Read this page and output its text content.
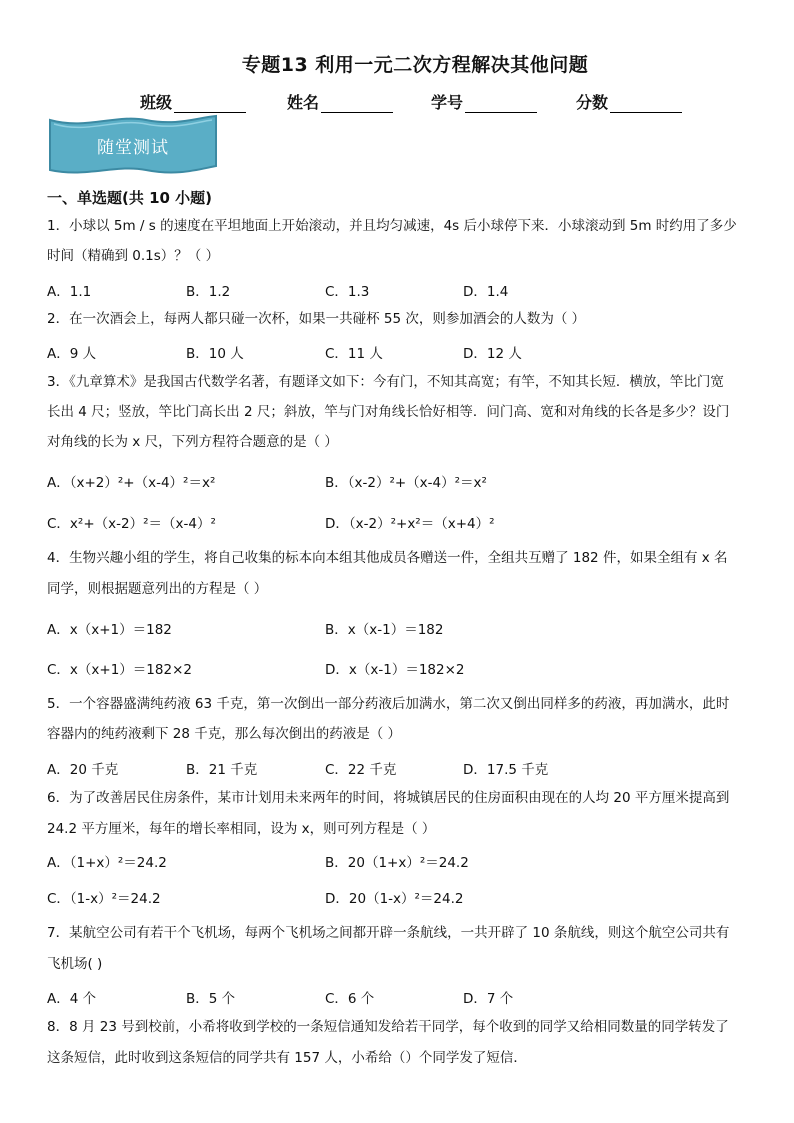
专题13 利用一元二次方程解决其他问题
班级	姓名	学号	分数
随堂测试
一、单选题(共 10 小题)
1．小球以 5m / s 的速度在平坦地面上开始滚动，并且均匀减速，4s 后小球停下来．小球滚动到 5m 时约用了多少
时间（精确到 0.1s）？（ ）
A．1.1	B．1.2	C．1.3	D．1.4
2．在一次酒会上，每两人都只碰一次杯，如果一共碰杯 55 次，则参加酒会的人数为（ ）
A．9 人	B．10 人	C．11 人	D．12 人
3．《九章算术》是我国古代数学名著，有题译文如下：今有门，不知其高宽；有竿，不知其长短．横放，竿比门宽
长出 4 尺；竖放，竿比门高长出 2 尺；斜放，竿与门对角线长恰好相等．问门高、宽和对角线的长各是多少？设门
对角线的长为 x 尺，下列方程符合题意的是（ ）
A．（x+2）²+（x-4）²＝x²	B．（x-2）²+（x-4）²＝x²
C．x²+（x-2）²＝（x-4）²	D．（x-2）²+x²＝（x+4）²
4．生物兴趣小组的学生，将自己收集的标本向本组其他成员各赠送一件，全组共互赠了 182 件，如果全组有 x 名
同学，则根据题意列出的方程是（ ）
A．x（x+1）＝182	B．x（x-1）＝182
C．x（x+1）＝182×2	D．x（x-1）＝182×2
5．一个容器盛满纯药液 63 千克，第一次倒出一部分药液后加满水，第二次又倒出同样多的药液，再加满水，此时
容器内的纯药液剩下 28 千克，那么每次倒出的药液是（ ）
A．20 千克	B．21 千克	C．22 千克	D．17.5 千克
6．为了改善居民住房条件，某市计划用未来两年的时间，将城镇居民的住房面积由现在的人均 20 平方厘米提高到
24.2 平方厘米，每年的增长率相同，设为 x，则可列方程是（ ）
A．（1+x）²＝24.2	B．20（1+x）²＝24.2
C．（1-x）²＝24.2	D．20（1-x）²＝24.2
7．某航空公司有若干个飞机场，每两个飞机场之间都开辟一条航线，一共开辟了 10 条航线，则这个航空公司共有
飞机场( )
A．4 个	B．5 个	C．6 个	D．7 个
8．8 月 23 号到校前，小希将收到学校的一条短信通知发给若干同学，每个收到的同学又给相同数量的同学转发了
这条短信，此时收到这条短信的同学共有 157 人，小希给（）个同学发了短信．
